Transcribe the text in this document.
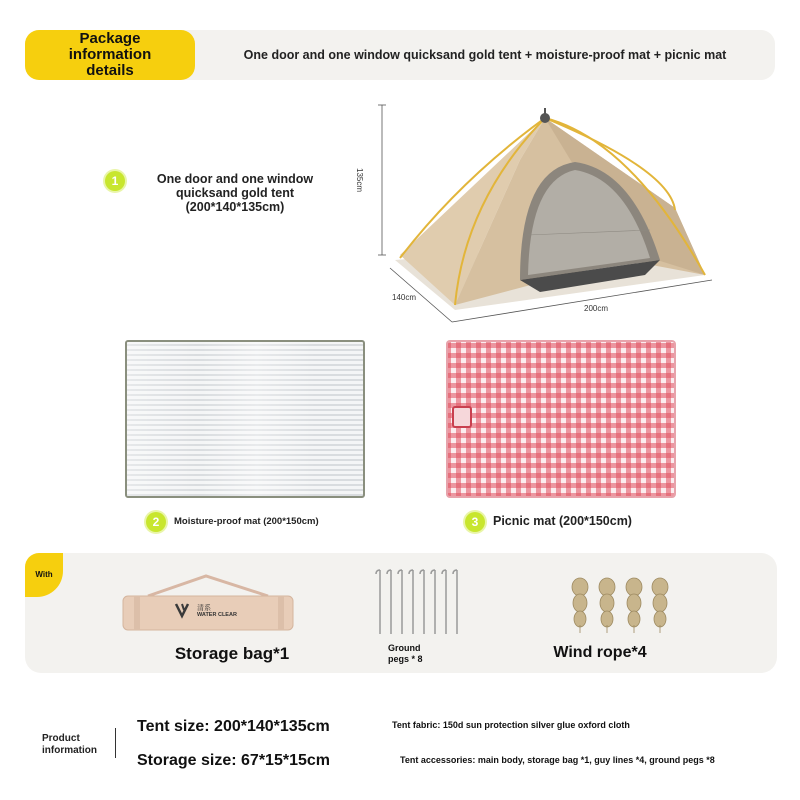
Package information details
One door and one window quicksand gold tent + moisture-proof mat + picnic mat
1	One door and one window
quicksand gold tent
(200*140*135cm)
135cm
140cm
200cm
2	Moisture-proof mat (200*150cm)	3	Picnic mat (200*150cm)
With
清系
WATER CLEAR
Storage bag*1	Ground
pegs * 8	Wind rope*4
Product
information
Tent size: 200*140*135cm
Storage size: 67*15*15cm
Tent fabric: 150d sun protection silver glue oxford cloth
Tent accessories: main body, storage bag *1, guy lines *4, ground pegs *8
